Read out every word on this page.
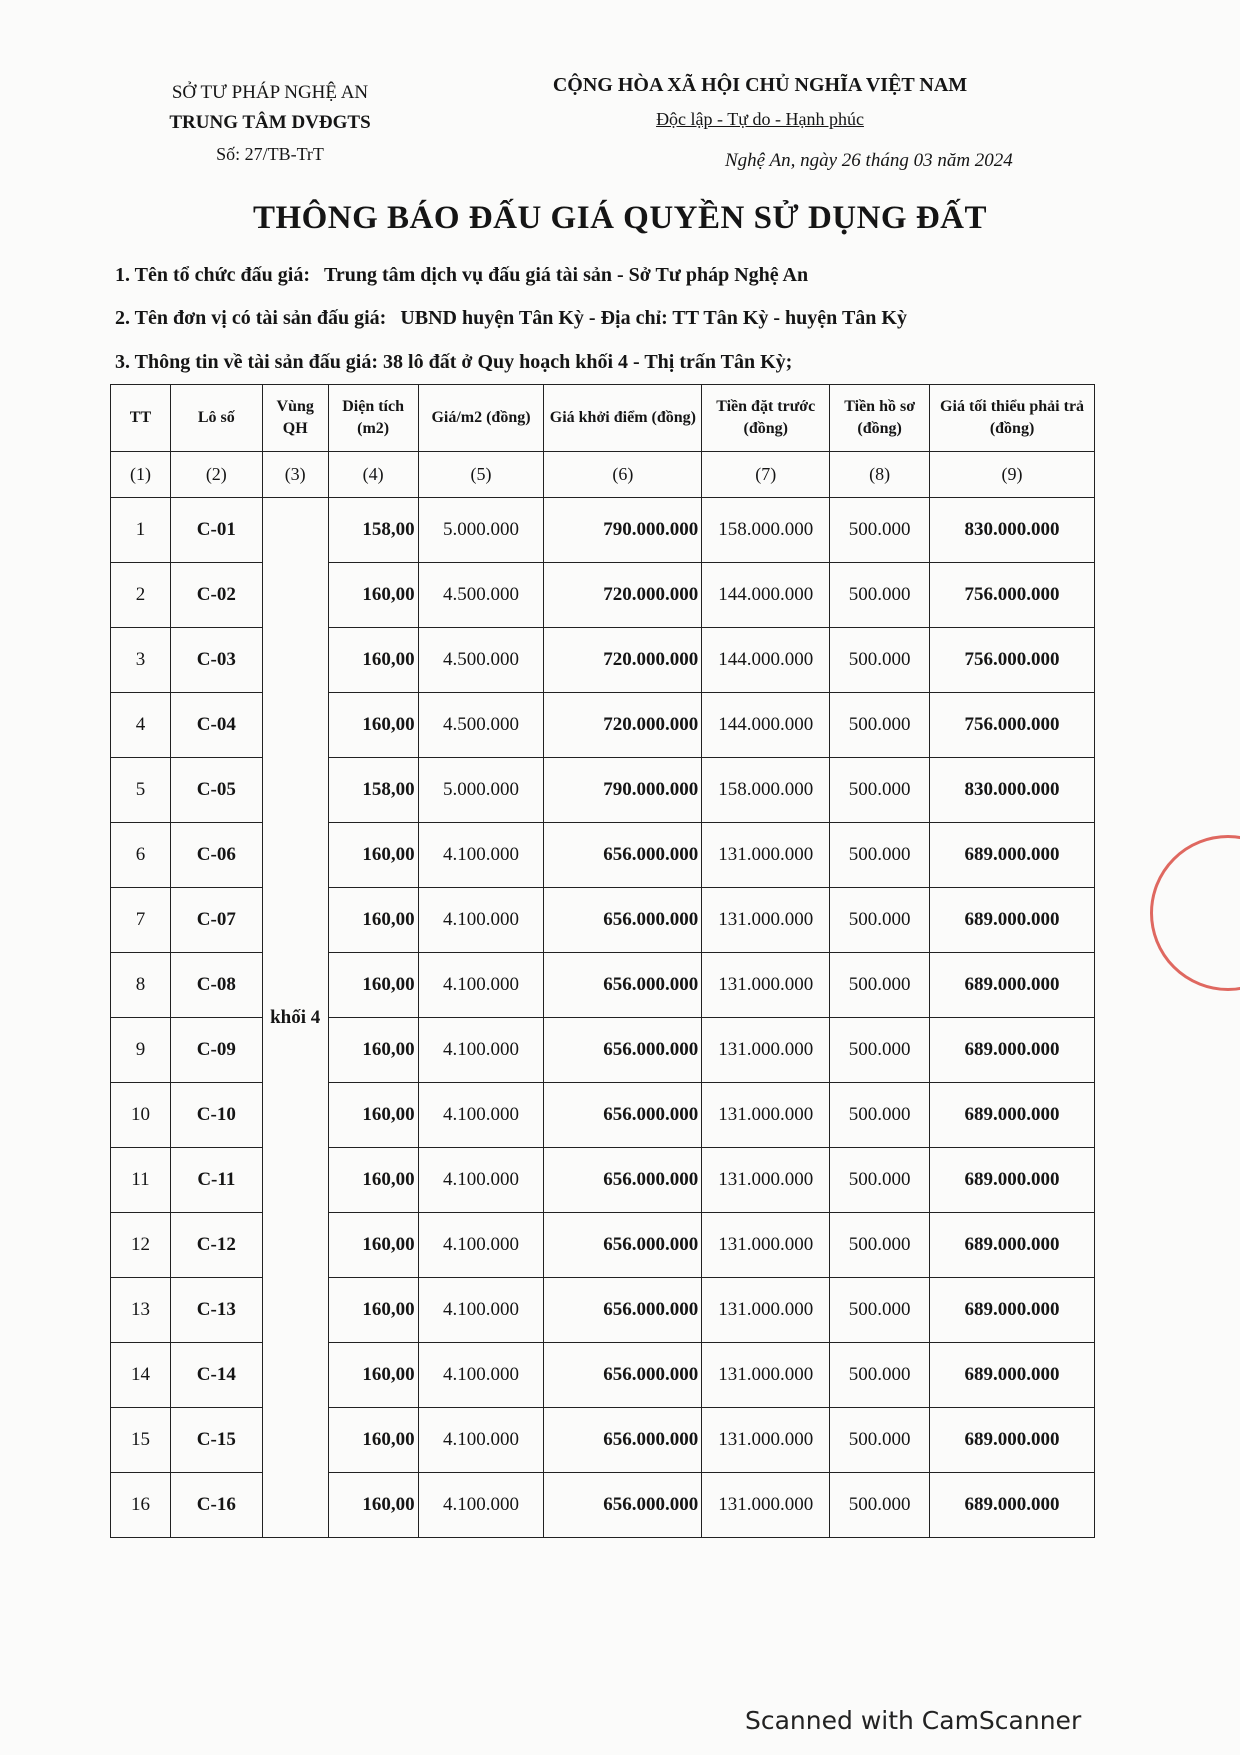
SỞ TƯ PHÁP NGHỆ AN
TRUNG TÂM DVĐGTS
Số: 27/TB-TrT
CỘNG HÒA XÃ HỘI CHỦ NGHĨA VIỆT NAM
Độc lập - Tự do - Hạnh phúc
Nghệ An, ngày 26 tháng 03 năm 2024
THÔNG BÁO ĐẤU GIÁ QUYỀN SỬ DỤNG ĐẤT
1. Tên tổ chức đấu giá: Trung tâm dịch vụ đấu giá tài sản - Sở Tư pháp Nghệ An
2. Tên đơn vị có tài sản đấu giá: UBND huyện Tân Kỳ - Địa chỉ: TT Tân Kỳ - huyện Tân Kỳ
3. Thông tin về tài sản đấu giá: 38 lô đất ở Quy hoạch khối 4 - Thị trấn Tân Kỳ;
TT	Lô số	Vùng QH	Diện tích (m2)	Giá/m2 (đồng)	Giá khởi điểm (đồng)	Tiền đặt trước (đồng)	Tiền hồ sơ (đồng)	Giá tối thiểu phải trả (đồng)
(1)	(2)	(3)	(4)	(5)	(6)	(7)	(8)	(9)
1	C-01	khối 4	158,00	5.000.000	790.000.000	158.000.000	500.000	830.000.000
2	C-02		160,00	4.500.000	720.000.000	144.000.000	500.000	756.000.000
3	C-03		160,00	4.500.000	720.000.000	144.000.000	500.000	756.000.000
4	C-04		160,00	4.500.000	720.000.000	144.000.000	500.000	756.000.000
5	C-05		158,00	5.000.000	790.000.000	158.000.000	500.000	830.000.000
6	C-06		160,00	4.100.000	656.000.000	131.000.000	500.000	689.000.000
7	C-07		160,00	4.100.000	656.000.000	131.000.000	500.000	689.000.000
8	C-08		160,00	4.100.000	656.000.000	131.000.000	500.000	689.000.000
9	C-09		160,00	4.100.000	656.000.000	131.000.000	500.000	689.000.000
10	C-10		160,00	4.100.000	656.000.000	131.000.000	500.000	689.000.000
11	C-11		160,00	4.100.000	656.000.000	131.000.000	500.000	689.000.000
12	C-12		160,00	4.100.000	656.000.000	131.000.000	500.000	689.000.000
13	C-13		160,00	4.100.000	656.000.000	131.000.000	500.000	689.000.000
14	C-14		160,00	4.100.000	656.000.000	131.000.000	500.000	689.000.000
15	C-15		160,00	4.100.000	656.000.000	131.000.000	500.000	689.000.000
16	C-16		160,00	4.100.000	656.000.000	131.000.000	500.000	689.000.000
Scanned with CamScanner
